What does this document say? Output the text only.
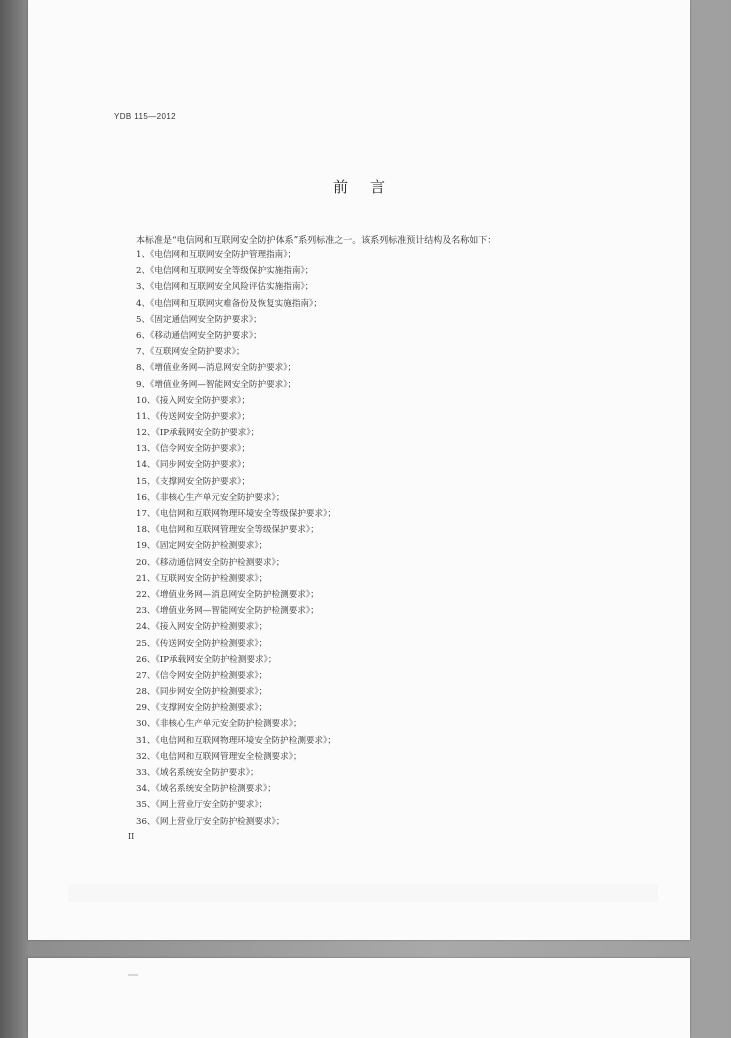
YDB 115—2012
前言
本标准是“电信网和互联网安全防护体系”系列标准之一。该系列标准预计结构及名称如下：
1、《电信网和互联网安全防护管理指南》；
2、《电信网和互联网安全等级保护实施指南》；
3、《电信网和互联网安全风险评估实施指南》；
4、《电信网和互联网灾难备份及恢复实施指南》；
5、《固定通信网安全防护要求》；
6、《移动通信网安全防护要求》；
7、《互联网安全防护要求》；
8、《增值业务网—消息网安全防护要求》；
9、《增值业务网—智能网安全防护要求》；
10、《接入网安全防护要求》；
11、《传送网安全防护要求》；
12、《IP承载网安全防护要求》；
13、《信令网安全防护要求》；
14、《同步网安全防护要求》；
15、《支撑网安全防护要求》；
16、《非核心生产单元安全防护要求》；
17、《电信网和互联网物理环境安全等级保护要求》；
18、《电信网和互联网管理安全等级保护要求》；
19、《固定网安全防护检测要求》；
20、《移动通信网安全防护检测要求》；
21、《互联网安全防护检测要求》；
22、《增值业务网—消息网安全防护检测要求》；
23、《增值业务网—智能网安全防护检测要求》；
24、《接入网安全防护检测要求》；
25、《传送网安全防护检测要求》；
26、《IP承载网安全防护检测要求》；
27、《信令网安全防护检测要求》；
28、《同步网安全防护检测要求》；
29、《支撑网安全防护检测要求》；
30、《非核心生产单元安全防护检测要求》；
31、《电信网和互联网物理环境安全防护检测要求》；
32、《电信网和互联网管理安全检测要求》；
33、《域名系统安全防护要求》；
34、《域名系统安全防护检测要求》；
35、《网上营业厅安全防护要求》；
36、《网上营业厅安全防护检测要求》；
II
